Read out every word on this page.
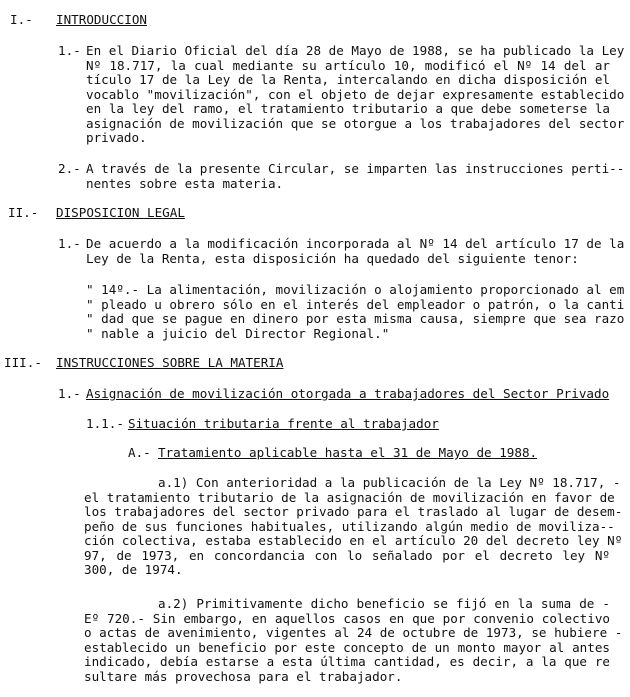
I.- INTRODUCCION
1.- En el Diario Oficial del día 28 de Mayo de 1988, se ha publicado la Ley
Nº 18.717, la cual mediante su artículo 10, modificó el Nº 14 del ar
tículo 17 de la Ley de la Renta, intercalando en dicha disposición el
vocablo "movilización", con el objeto de dejar expresamente establecido
en la ley del ramo, el tratamiento tributario a que debe someterse la
asignación de movilización que se otorgue a los trabajadores del sector
privado.
2.- A través de la presente Circular, se imparten las instrucciones perti--
nentes sobre esta materia.
II.- DISPOSICION LEGAL
1.- De acuerdo a la modificación incorporada al Nº 14 del artículo 17 de la
Ley de la Renta, esta disposición ha quedado del siguiente tenor:
" 14º.- La alimentación, movilización o alojamiento proporcionado al em
" pleado u obrero sólo en el interés del empleador o patrón, o la canti
" dad que se pague en dinero por esta misma causa, siempre que sea razo
" nable a juicio del Director Regional."
III.- INSTRUCCIONES SOBRE LA MATERIA
1.- Asignación de movilización otorgada a trabajadores del Sector Privado
1.1.- Situación tributaria frente al trabajador
A.- Tratamiento aplicable hasta el 31 de Mayo de 1988.
a.1) Con anterioridad a la publicación de la Ley Nº 18.717, -
el tratamiento tributario de la asignación de movilización en favor de
los trabajadores del sector privado para el traslado al lugar de desem-
peño de sus funciones habituales, utilizando algún medio de moviliza--
ción colectiva, estaba establecido en el artículo 20 del decreto ley Nº
97, de 1973, en concordancia con lo señalado por el decreto ley Nº
300, de 1974.
a.2) Primitivamente dicho beneficio se fijó en la suma de -
Eº 720.- Sin embargo, en aquellos casos en que por convenio colectivo
o actas de avenimiento, vigentes al 24 de octubre de 1973, se hubiere -
establecido un beneficio por este concepto de un monto mayor al antes
indicado, debía estarse a esta última cantidad, es decir, a la que re
sultare más provechosa para el trabajador.
